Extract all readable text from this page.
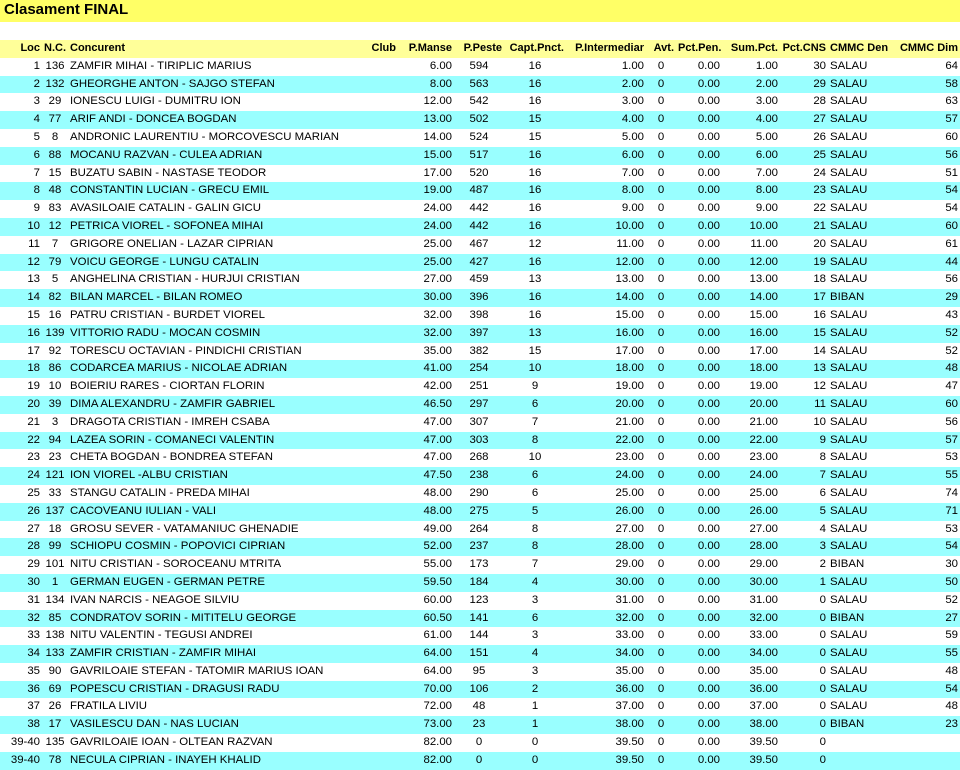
Clasament FINAL
Loc	N.C.	Concurent	Club	P.Manse	P.Peste	Capt.Pnct.	P.Intermediar	Avt.	Pct.Pen.	Sum.Pct.	Pct.CNS	CMMC Den	CMMC Dim
1	136	ZAMFIR MIHAI - TIRIPLIC MARIUS		6.00	594	16	1.00	0	0.00	1.00	30	SALAU	64
2	132	GHEORGHE ANTON - SAJGO STEFAN		8.00	563	16	2.00	0	0.00	2.00	29	SALAU	58
3	29	IONESCU LUIGI - DUMITRU ION		12.00	542	16	3.00	0	0.00	3.00	28	SALAU	63
4	77	ARIF ANDI - DONCEA BOGDAN		13.00	502	15	4.00	0	0.00	4.00	27	SALAU	57
5	8	ANDRONIC LAURENTIU - MORCOVESCU MARIAN		14.00	524	15	5.00	0	0.00	5.00	26	SALAU	60
6	88	MOCANU RAZVAN - CULEA ADRIAN		15.00	517	16	6.00	0	0.00	6.00	25	SALAU	56
7	15	BUZATU SABIN - NASTASE TEODOR		17.00	520	16	7.00	0	0.00	7.00	24	SALAU	51
8	48	CONSTANTIN LUCIAN - GRECU EMIL		19.00	487	16	8.00	0	0.00	8.00	23	SALAU	54
9	83	AVASILOAIE CATALIN - GALIN GICU		24.00	442	16	9.00	0	0.00	9.00	22	SALAU	54
10	12	PETRICA VIOREL - SOFONEA MIHAI		24.00	442	16	10.00	0	0.00	10.00	21	SALAU	60
11	7	GRIGORE ONELIAN - LAZAR CIPRIAN		25.00	467	12	11.00	0	0.00	11.00	20	SALAU	61
12	79	VOICU GEORGE - LUNGU CATALIN		25.00	427	16	12.00	0	0.00	12.00	19	SALAU	44
13	5	ANGHELINA CRISTIAN - HURJUI CRISTIAN		27.00	459	13	13.00	0	0.00	13.00	18	SALAU	56
14	82	BILAN MARCEL - BILAN ROMEO		30.00	396	16	14.00	0	0.00	14.00	17	BIBAN	29
15	16	PATRU CRISTIAN - BURDET VIOREL		32.00	398	16	15.00	0	0.00	15.00	16	SALAU	43
16	139	VITTORIO RADU - MOCAN COSMIN		32.00	397	13	16.00	0	0.00	16.00	15	SALAU	52
17	92	TORESCU OCTAVIAN - PINDICHI CRISTIAN		35.00	382	15	17.00	0	0.00	17.00	14	SALAU	52
18	86	CODARCEA MARIUS - NICOLAE ADRIAN		41.00	254	10	18.00	0	0.00	18.00	13	SALAU	48
19	10	BOIERIU RARES - CIORTAN FLORIN		42.00	251	9	19.00	0	0.00	19.00	12	SALAU	47
20	39	DIMA ALEXANDRU - ZAMFIR GABRIEL		46.50	297	6	20.00	0	0.00	20.00	11	SALAU	60
21	3	DRAGOTA CRISTIAN - IMREH CSABA		47.00	307	7	21.00	0	0.00	21.00	10	SALAU	56
22	94	LAZEA SORIN - COMANECI VALENTIN		47.00	303	8	22.00	0	0.00	22.00	9	SALAU	57
23	23	CHETA BOGDAN - BONDREA STEFAN		47.00	268	10	23.00	0	0.00	23.00	8	SALAU	53
24	121	ION VIOREL -ALBU CRISTIAN		47.50	238	6	24.00	0	0.00	24.00	7	SALAU	55
25	33	STANGU CATALIN - PREDA MIHAI		48.00	290	6	25.00	0	0.00	25.00	6	SALAU	74
26	137	CACOVEANU IULIAN - VALI		48.00	275	5	26.00	0	0.00	26.00	5	SALAU	71
27	18	GROSU SEVER - VATAMANIUC GHENADIE		49.00	264	8	27.00	0	0.00	27.00	4	SALAU	53
28	99	SCHIOPU COSMIN - POPOVICI CIPRIAN		52.00	237	8	28.00	0	0.00	28.00	3	SALAU	54
29	101	NITU CRISTIAN - SOROCEANU MTRITA		55.00	173	7	29.00	0	0.00	29.00	2	BIBAN	30
30	1	GERMAN EUGEN - GERMAN PETRE		59.50	184	4	30.00	0	0.00	30.00	1	SALAU	50
31	134	IVAN NARCIS - NEAGOE SILVIU		60.00	123	3	31.00	0	0.00	31.00	0	SALAU	52
32	85	CONDRATOV SORIN - MITITELU GEORGE		60.50	141	6	32.00	0	0.00	32.00	0	BIBAN	27
33	138	NITU VALENTIN - TEGUSI ANDREI		61.00	144	3	33.00	0	0.00	33.00	0	SALAU	59
34	133	ZAMFIR CRISTIAN - ZAMFIR MIHAI		64.00	151	4	34.00	0	0.00	34.00	0	SALAU	55
35	90	GAVRILOAIE STEFAN - TATOMIR MARIUS IOAN		64.00	95	3	35.00	0	0.00	35.00	0	SALAU	48
36	69	POPESCU CRISTIAN - DRAGUSI RADU		70.00	106	2	36.00	0	0.00	36.00	0	SALAU	54
37	26	FRATILA LIVIU		72.00	48	1	37.00	0	0.00	37.00	0	SALAU	48
38	17	VASILESCU DAN - NAS LUCIAN		73.00	23	1	38.00	0	0.00	38.00	0	BIBAN	23
39-40	135	GAVRILOAIE IOAN - OLTEAN RAZVAN		82.00	0	0	39.50	0	0.00	39.50	0		
39-40	78	NECULA CIPRIAN - INAYEH KHALID		82.00	0	0	39.50	0	0.00	39.50	0		
